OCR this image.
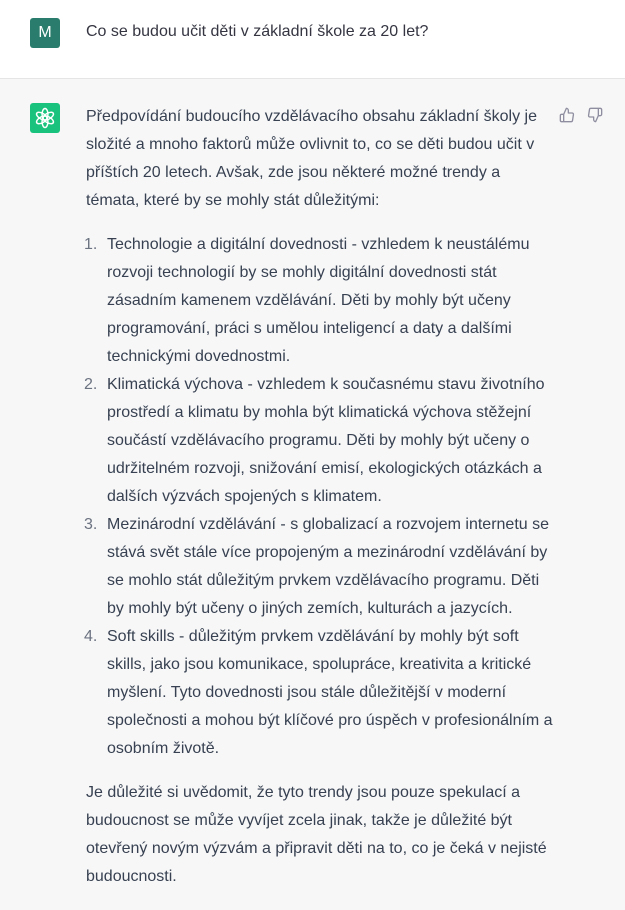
M	Co se budou učit děti v základní škole za 20 let?

Předpovídání budoucího vzdělávacího obsahu základní školy je složité a mnoho faktorů může ovlivnit to, co se děti budou učit v příštích 20 letech. Avšak, zde jsou některé možné trendy a témata, které by se mohly stát důležitými:

1. Technologie a digitální dovednosti - vzhledem k neustálému rozvoji technologií by se mohly digitální dovednosti stát zásadním kamenem vzdělávání. Děti by mohly být učeny programování, práci s umělou inteligencí a daty a dalšími technickými dovednostmi.
2. Klimatická výchova - vzhledem k současnému stavu životního prostředí a klimatu by mohla být klimatická výchova stěžejní součástí vzdělávacího programu. Děti by mohly být učeny o udržitelném rozvoji, snižování emisí, ekologických otázkách a dalších výzvách spojených s klimatem.
3. Mezinárodní vzdělávání - s globalizací a rozvojem internetu se stává svět stále více propojeným a mezinárodní vzdělávání by se mohlo stát důležitým prvkem vzdělávacího programu. Děti by mohly být učeny o jiných zemích, kulturách a jazycích.
4. Soft skills - důležitým prvkem vzdělávání by mohly být soft skills, jako jsou komunikace, spolupráce, kreativita a kritické myšlení. Tyto dovednosti jsou stále důležitější v moderní společnosti a mohou být klíčové pro úspěch v profesionálním a osobním životě.

Je důležité si uvědomit, že tyto trendy jsou pouze spekulací a budoucnost se může vyvíjet zcela jinak, takže je důležité být otevřený novým výzvám a připravit děti na to, co je čeká v nejisté budoucnosti.
